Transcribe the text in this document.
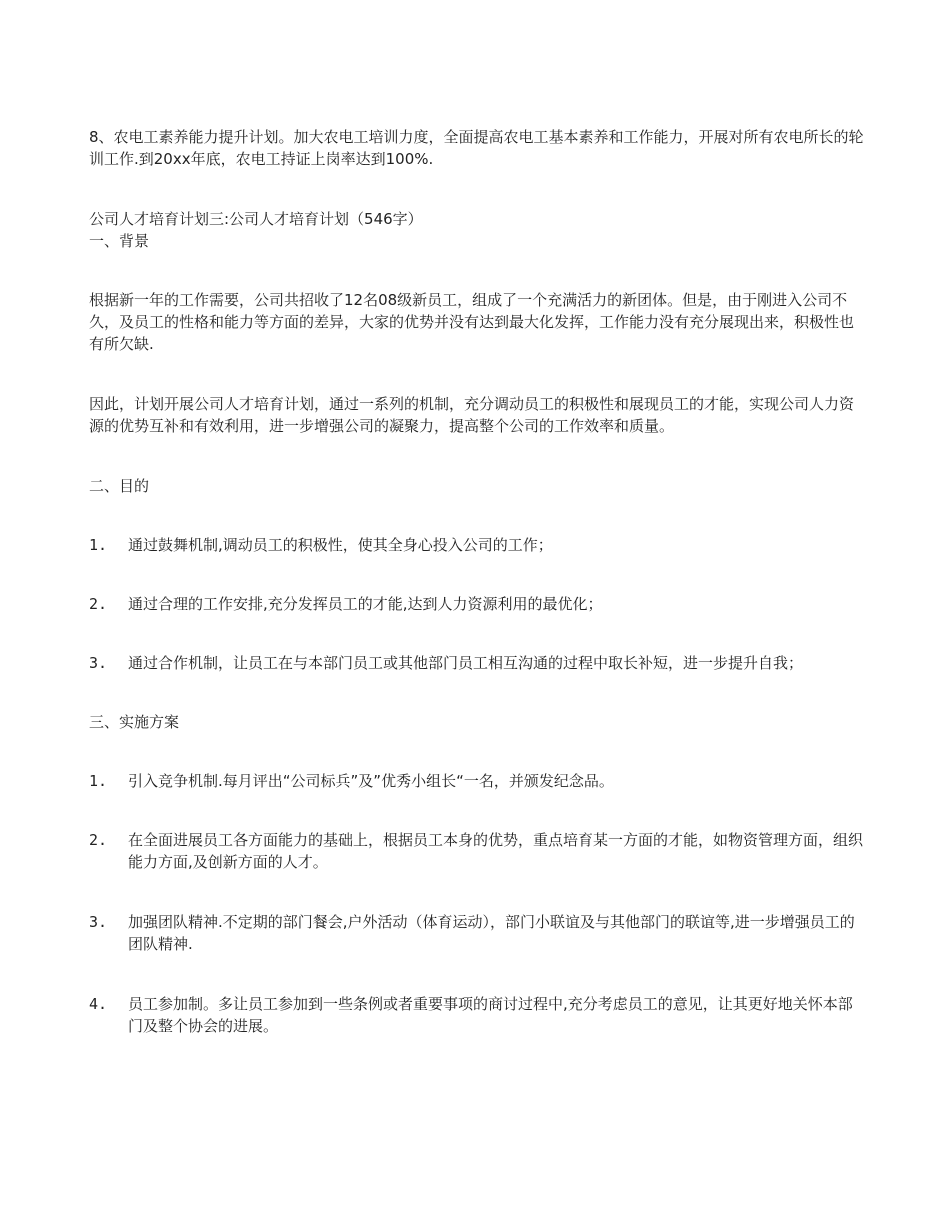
8、农电工素养能力提升计划。加大农电工培训力度，全面提高农电工基本素养和工作能力，开展对所有农电所长的轮训工作.到20xx年底，农电工持证上岗率达到100%.

公司人才培育计划三:公司人才培育计划（546字）

一、背景

根据新一年的工作需要，公司共招收了12名08级新员工，组成了一个充满活力的新团体。但是，由于刚进入公司不久，及员工的性格和能力等方面的差异，大家的优势并没有达到最大化发挥，工作能力没有充分展现出来，积极性也有所欠缺.

因此，计划开展公司人才培育计划，通过一系列的机制，充分调动员工的积极性和展现员工的才能，实现公司人力资源的优势互补和有效利用，进一步增强公司的凝聚力，提高整个公司的工作效率和质量。

二、目的

1.	通过鼓舞机制,调动员工的积极性，使其全身心投入公司的工作；
2.	通过合理的工作安排,充分发挥员工的才能,达到人力资源利用的最优化；
3.	通过合作机制，让员工在与本部门员工或其他部门员工相互沟通的过程中取长补短，进一步提升自我；

三、实施方案

1.	引入竞争机制.每月评出“公司标兵”及”优秀小组长“一名，并颁发纪念品。
2.	在全面进展员工各方面能力的基础上，根据员工本身的优势，重点培育某一方面的才能，如物资管理方面，组织能力方面,及创新方面的人才。
3.	加强团队精神.不定期的部门餐会,户外活动（体育运动），部门小联谊及与其他部门的联谊等,进一步增强员工的团队精神.
4.	员工参加制。多让员工参加到一些条例或者重要事项的商讨过程中,充分考虑员工的意见，让其更好地关怀本部门及整个协会的进展。
